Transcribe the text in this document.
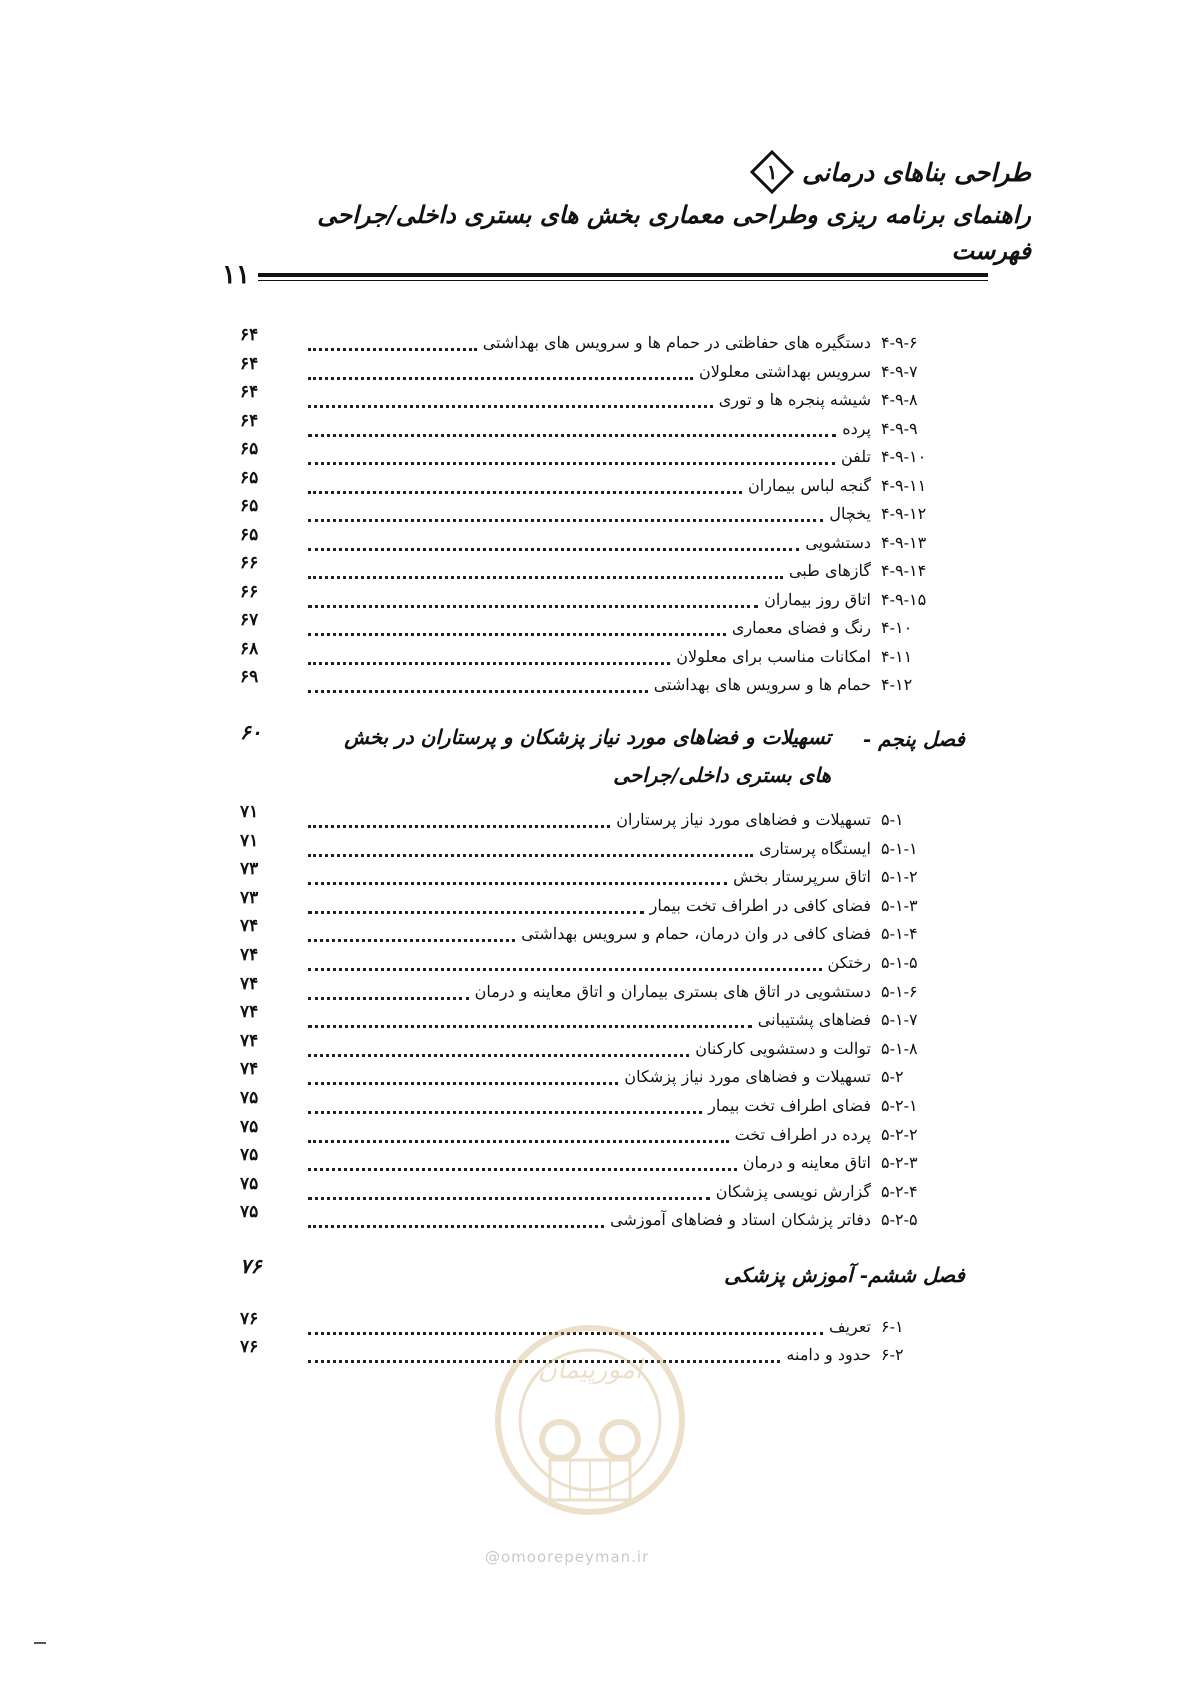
طراحی بناهای درمانی
۱
راهنمای برنامه ریزی وطراحی معماری بخش های بستری داخلی/جراحی
فهرست
۱۱
فصل پنجم -
تسهیلات و فضاهای مورد نیاز پزشکان و پرستاران در بخش های بستری داخلی/جراحی
۶۰
فصل ششم- آموزش پزشکی
۷۶
۴-۹-۶
دستگیره های حفاظتی در حمام ها و سرویس های بهداشتی
۶۴
۴-۹-۷
سرویس بهداشتی معلولان
۶۴
۴-۹-۸
شیشه پنجره ها و توری
۶۴
۴-۹-۹
پرده
۶۴
۴-۹-۱۰
تلفن
۶۵
۴-۹-۱۱
گنجه لباس بیماران
۶۵
۴-۹-۱۲
یخچال
۶۵
۴-۹-۱۳
دستشویی
۶۵
۴-۹-۱۴
گازهای طبی
۶۶
۴-۹-۱۵
اتاق روز بیماران
۶۶
۴-۱۰
رنگ و فضای معماری
۶۷
۴-۱۱
امکانات مناسب برای معلولان
۶۸
۴-۱۲
حمام ها و سرویس های بهداشتی
۶۹
۵-۱
تسهیلات و فضاهای مورد نیاز پرستاران
۷۱
۵-۱-۱
ایستگاه پرستاری
۷۱
۵-۱-۲
اتاق سرپرستار بخش
۷۳
۵-۱-۳
فضای کافی در اطراف تخت بیمار
۷۳
۵-۱-۴
فضای کافی در وان درمان، حمام و سرویس بهداشتی
۷۴
۵-۱-۵
رختکن
۷۴
۵-۱-۶
دستشویی در اتاق های بستری بیماران و اتاق معاینه و درمان
۷۴
۵-۱-۷
فضاهای پشتیبانی
۷۴
۵-۱-۸
توالت و دستشویی کارکنان
۷۴
۵-۲
تسهیلات و فضاهای مورد نیاز پزشکان
۷۴
۵-۲-۱
فضای اطراف تخت بیمار
۷۵
۵-۲-۲
پرده در اطراف تخت
۷۵
۵-۲-۳
اتاق معاینه و درمان
۷۵
۵-۲-۴
گزارش نویسی پزشکان
۷۵
۵-۲-۵
دفاتر پزشکان استاد و فضاهای آموزشی
۷۵
۶-۱
تعریف
۷۶
۶-۲
حدود و دامنه
۷۶
امورپیمان
@omoorepeyman.ir
